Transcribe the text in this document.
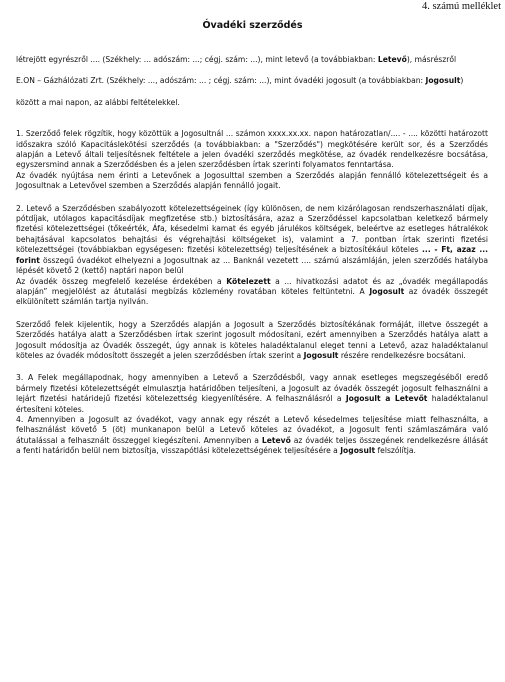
4. számú melléklet
Óvadéki szerződés

létrejött egyrészről .... (Székhely: ... adószám: ...; cégj. szám: ...), mint letevő (a továbbiakban: Letevő), másrészről

E.ON – Gázhálózati Zrt. (Székhely: ..., adószám: ... ; cégj. szám: ...), mint óvadéki jogosult (a továbbiakban: Jogosult)

között a mai napon, az alábbi feltételekkel.

1. Szerződő felek rögzítik, hogy közöttük a Jogosultnál ... számon xxxx.xx.xx. napon határozatlan/.... - .... közötti határozott időszakra szóló Kapacitáslekötési szerződés (a továbbiakban: a "Szerződés") megkötésére került sor, és a Szerződés alapján a Letevő általi teljesítésnek feltétele a jelen óvadéki szerződés megkötése, az óvadék rendelkezésre bocsátása, egyszersmind annak a Szerződésben és a jelen szerződésben írtak szerinti folyamatos fenntartása.
Az óvadék nyújtása nem érinti a Letevőnek a Jogosulttal szemben a Szerződés alapján fennálló kötelezettségeit és a Jogosultnak a Letevővel szemben a Szerződés alapján fennálló jogait.

2. Letevő a Szerződésben szabályozott kötelezettségeinek (így különösen, de nem kizárólagosan rendszerhasználati díjak, pótdíjak, utólagos kapacitásdíjak megfizetése stb.) biztosítására, azaz a Szerződéssel kapcsolatban keletkező bármely fizetési kötelezettségei (tőkeérték, Áfa, késedelmi kamat és egyéb járulékos költségek, beleértve az esetleges hátralékok behajtásával kapcsolatos behajtási és végrehajtási költségeket is), valamint a 7. pontban írtak szerinti fizetési kötelezettségei (továbbiakban egységesen: fizetési kötelezettség) teljesítésének a biztosítékául köteles ... - Ft, azaz ... forint összegű óvadékot elhelyezni a Jogosultnak az ... Banknál vezetett .... számú alszámláján, jelen szerződés hatályba lépését követő 2 (kettő) naptári napon belül
Az óvadék összeg megfelelő kezelése érdekében a Kötelezett a ... hivatkozási adatot és az „óvadék megállapodás alapján” megjelölést az átutalási megbízás közlemény rovatában köteles feltüntetni. A Jogosult az óvadék összegét elkülönített számlán tartja nyilván.

Szerződő felek kijelentik, hogy a Szerződés alapján a Jogosult a Szerződés biztosítékának formáját, illetve összegét a Szerződés hatálya alatt a Szerződésben írtak szerint jogosult módosítani, ezért amennyiben a Szerződés hatálya alatt a Jogosult módosítja az Óvadék összegét, úgy annak is köteles haladéktalanul eleget tenni a Letevő, azaz haladéktalanul köteles az óvadék módosított összegét a jelen szerződésben írtak szerint a Jogosult részére rendelkezésre bocsátani.

3. A Felek megállapodnak, hogy amennyiben a Letevő a Szerződésből, vagy annak esetleges megszegéséből eredő bármely fizetési kötelezettségét elmulasztja határidőben teljesíteni, a Jogosult az óvadék összegét jogosult felhasználni a lejárt fizetési határidejű fizetési kötelezettség kiegyenlítésére. A felhasználásról a Jogosult a Letevőt haladéktalanul értesíteni köteles.
4. Amennyiben a Jogosult az óvadékot, vagy annak egy részét a Letevő késedelmes teljesítése miatt felhasználta, a felhasználást követő 5 (öt) munkanapon belül a Letevő köteles az óvadékot, a Jogosult fenti számlaszámára való átutalással a felhasznált összeggel kiegészíteni. Amennyiben a Letevő az óvadék teljes összegének rendelkezésre állását a fenti határidőn belül nem biztosítja, visszapótlási kötelezettségének teljesítésére a Jogosult felszólítja.
